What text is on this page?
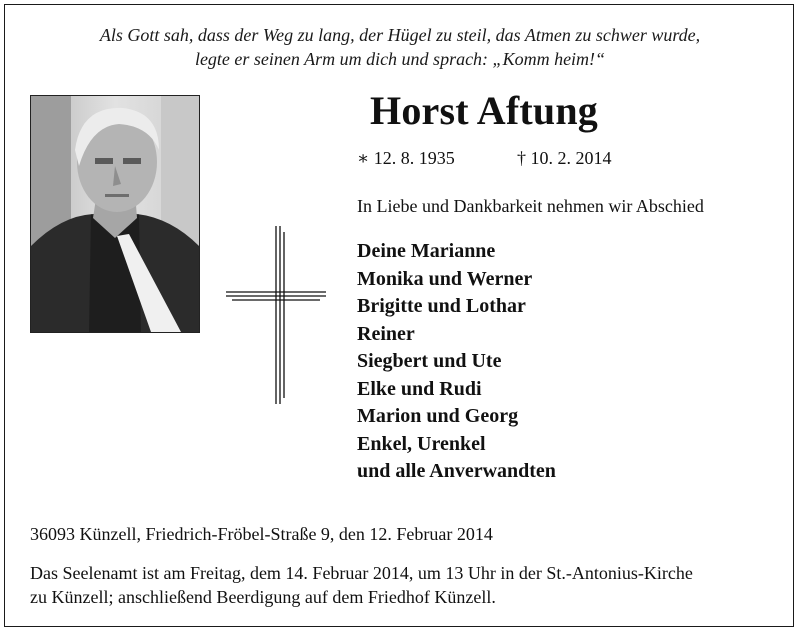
Als Gott sah, dass der Weg zu lang, der Hügel zu steil, das Atmen zu schwer wurde,
legte er seinen Arm um dich und sprach: „Komm heim!“
Horst Aftung
∗ 12. 8. 1935	† 10. 2. 2014
In Liebe und Dankbarkeit nehmen wir Abschied
Deine Marianne
Monika und Werner
Brigitte und Lothar
Reiner
Siegbert und Ute
Elke und Rudi
Marion und Georg
Enkel, Urenkel
und alle Anverwandten
36093 Künzell, Friedrich-Fröbel-Straße 9, den 12. Februar 2014
Das Seelenamt ist am Freitag, dem 14. Februar 2014, um 13 Uhr in der St.-Antonius-Kirche
zu Künzell; anschließend Beerdigung auf dem Friedhof Künzell.
